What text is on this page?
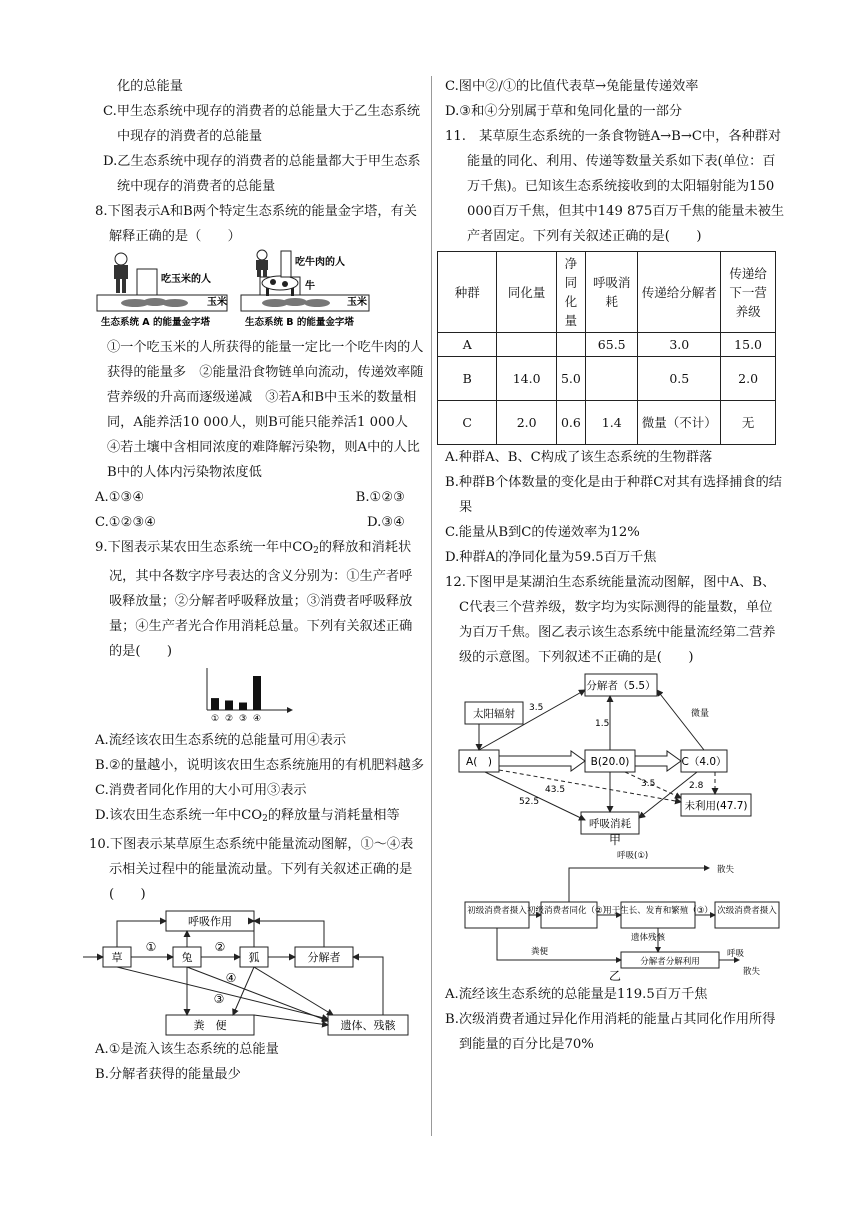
化的总能量

C.甲生态系统中现存的消费者的总能量大于乙生态系统中现存的消费者的总能量

D.乙生态系统中现存的消费者的总能量都大于甲生态系统中现存的消费者的总能量

8.下图表示A和B两个特定生态系统的能量金字塔，有关解释正确的是（　　）

吃玉米的人
玉米
生态系统 A 的能量金字塔
吃牛肉的人
牛
玉米
生态系统 B 的能量金字塔

①一个吃玉米的人所获得的能量一定比一个吃牛肉的人获得的能量多　②能量沿食物链单向流动，传递效率随营养级的升高而逐级递减　③若A和B中玉米的数量相同，A能养活10 000人，则B可能只能养活1 000人　④若土壤中含相同浓度的难降解污染物，则A中的人比B中的人体内污染物浓度低

A.①③④	B.①②③
C.①②③④	D.③④

9.下图表示某农田生态系统一年中$CO_2$的释放和消耗状况，其中各数字序号表达的含义分别为：①生产者呼吸释放量；②分解者呼吸释放量；③消费者呼吸释放量；④生产者光合作用消耗总量。下列有关叙述正确的是(　　)

① ② ③ ④

A.流经该农田生态系统的总能量可用④表示

B.②的量越小，说明该农田生态系统施用的有机肥料越多

C.消费者同化作用的大小可用③表示

D.该农田生态系统一年中$CO_2$的释放量与消耗量相等

10.下图表示某草原生态系统中能量流动图解，①～④表示相关过程中的能量流动量。下列有关叙述正确的是(　　)

呼吸作用
草	兔	狐	分解者
粪　便	遗体、残骸
①	②
③
④

A.①是流入该生态系统的总能量

B.分解者获得的能量最少

C.图中②/①的比值代表草→兔能量传递效率

D.③和④分别属于草和兔同化量的一部分

11.　某草原生态系统的一条食物链A→B→C中，各种群对能量的同化、利用、传递等数量关系如下表(单位：百万千焦)。已知该生态系统接收到的太阳辐射能为150 000百万千焦，但其中149 875百万千焦的能量未被生产者固定。下列有关叙述正确的是(　　)

种群	同化量	净同化量	呼吸消耗	传递给分解者	传递给下一营养级
A			65.5	3.0	15.0
B	14.0	5.0		0.5	2.0
C	2.0	0.6	1.4	微量（不计）	无

A.种群A、B、C构成了该生态系统的生物群落

B.种群B个体数量的变化是由于种群C对其有选择捕食的结果

C.能量从B到C的传递效率为12%

D.种群A的净同化量为59.5百万千焦

12.下图甲是某湖泊生态系统能量流动图解，图中A、B、C代表三个营养级，数字均为实际测得的能量数，单位为百万千焦。图乙表示该生态系统中能量流经第二营养级的示意图。下列叙述不正确的是(　　)

分解者（5.5）
太阳辐射
A(　)	B(20.0)	C（4.0）
未利用(47.7)
呼吸消耗
3.5
1.5
微量
2.8
3.5
43.5
52.5
甲
初级消费者摄入 初级消费者同化（②）
用于生长、发育和繁殖（③） 次级消费者摄入
分解者分解利用
呼吸(①)
散失
遗体残骸
粪便	呼吸
散失
乙

A.流经该生态系统的总能量是119.5百万千焦

B.次级消费者通过异化作用消耗的能量占其同化作用所得到能量的百分比是70%
